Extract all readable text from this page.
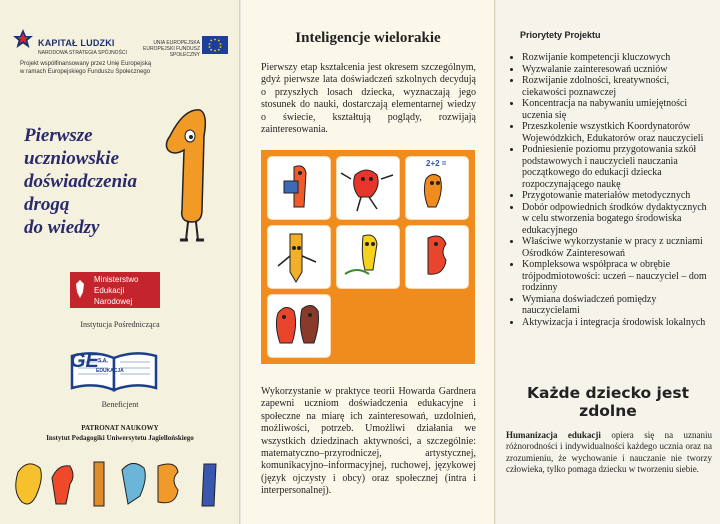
KAPITAŁ LUDZKI
NARODOWA STRATEGIA SPÓJNOŚCI
UNIA EUROPEJSKA EUROPEJSKI FUNDUSZ SPOŁECZNY
Projekt współfinansowany przez Unię Europejską
w ramach Europejskiego Funduszu Społecznego
Pierwsze
uczniowskie
doświadczenia
drogą
do wiedzy
Ministerstwo
Edukacji
Narodowej
Instytucja Pośrednicząca
GE S.A.
EDUKACJA
Beneficjent
PATRONAT NAUKOWY
Instytut Pedagogiki Uniwersytetu Jagiellońskiego
Inteligencje wielorakie
Pierwszy etap kształcenia jest okresem szczególnym, gdyż pierwsze lata doświadczeń szkolnych decydują o przyszłych losach dziecka, wyznaczają jego stosunek do nauki, dostarczają elementarnej wiedzy o świecie, kształtują poglądy, rozwijają zainteresowania.
2+2 =
Wykorzystanie w praktyce teorii Howarda Gardnera zapewni uczniom doświadczenia edukacyjne i społeczne na miarę ich zainteresowań, uzdolnień, możliwości, potrzeb. Umożliwi działania we wszystkich dziedzinach aktywności, a szczególnie: matematyczno–przyrodniczej, artystycznej, komunikacyjno–informacyjnej, ruchowej, językowej (język ojczysty i obcy) oraz społecznej (intra i interpersonalnej).
Priorytety Projektu
• Rozwijanie kompetencji kluczowych
• Wyzwalanie zainteresowań uczniów
• Rozwijanie zdolności, kreatywności, ciekawości poznawczej
• Koncentracja na nabywaniu umiejętności uczenia się
• Przeszkolenie wszystkich Koordynatorów Wojewódzkich, Edukatorów oraz nauczycieli
• Podniesienie poziomu przygotowania szkół podstawowych i nauczycieli nauczania początkowego do edukacji dziecka rozpoczynającego naukę
• Przygotowanie materiałów metodycznych
• Dobór odpowiednich środków dydaktycznych w celu stworzenia bogatego środowiska edukacyjnego
• Właściwe wykorzystanie w pracy z uczniami Ośrodków Zainteresowań
• Kompleksowa współpraca w obrębie trójpodmiotowości: uczeń – nauczyciel – dom rodzinny
• Wymiana doświadczeń pomiędzy nauczycielami
• Aktywizacja i integracja środowisk lokalnych
Każde dziecko jest zdolne
Humanizacja edukacji opiera się na uznaniu różnorodności i indywidualności każdego ucznia oraz na zrozumieniu, że wychowanie i nauczanie nie tworzy człowieka, tylko pomaga dziecku w tworzeniu siebie.
